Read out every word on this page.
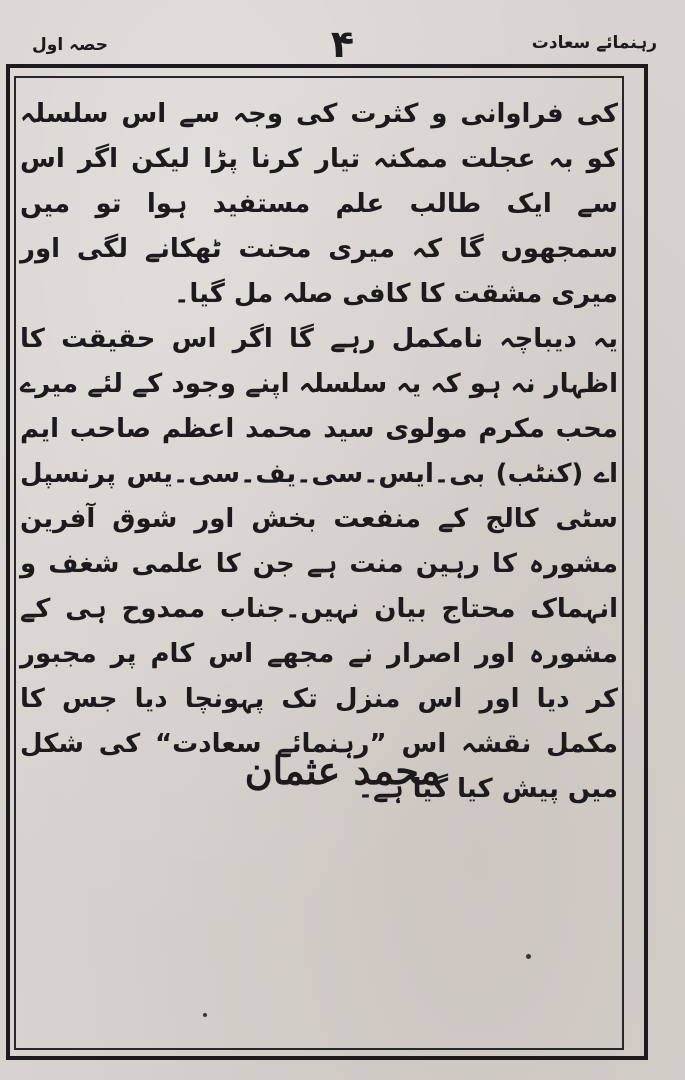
رہنمائے سعادت
۴
حصہ اول

کی فراوانی و کثرت کی وجہ سے اس سلسلہ کو بہ عجلت ممکنہ تیار کرنا پڑا لیکن اگر اس سے ایک طالب علم مستفید ہوا تو میں سمجھوں گا کہ میری محنت ٹھکانے لگی اور میری مشقت کا کافی صلہ مل گیا۔

یہ دیباچہ نامکمل رہے گا اگر اس حقیقت کا اظہار نہ ہو کہ یہ سلسلہ اپنے وجود کے لئے میرے محب مکرم مولوی سید محمد اعظم صاحب ایم اے (کنٹب) بی۔ایس۔سی۔یف۔سی۔یس پرنسپل سٹی کالج کے منفعت بخش اور شوق آفرین مشورہ کا رہین منت ہے جن کا علمی شغف و انہماک محتاج بیان نہیں۔جناب ممدوح ہی کے مشورہ اور اصرار نے مجھے اس کام پر مجبور کر دیا اور اس منزل تک پہونچا دیا جس کا مکمل نقشہ اس ”رہنمائے سعادت“ کی شکل میں پیش کیا گیا ہے۔

محمد عثمان
